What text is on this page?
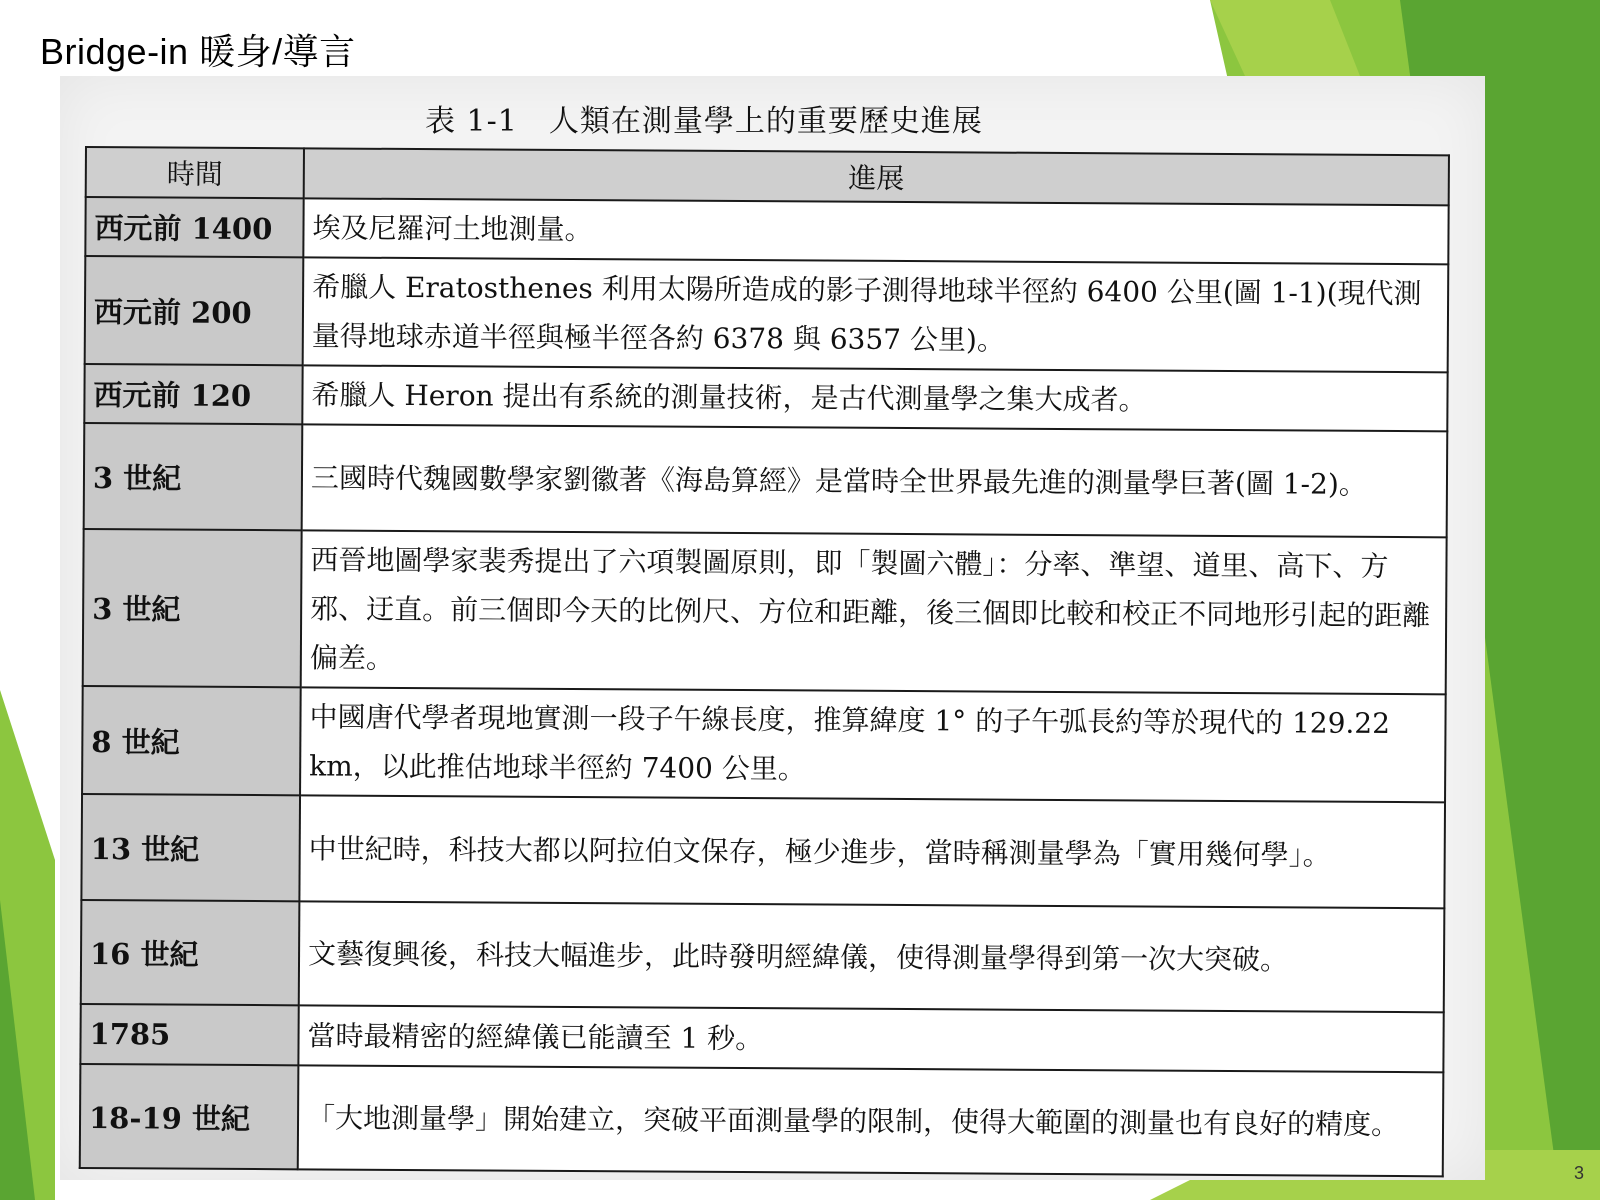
Bridge-in 暖身/導言
表 1-1　人類在測量學上的重要歷史進展
時間	進展
西元前 1400	埃及尼羅河土地測量。
西元前 200	希臘人 Eratosthenes 利用太陽所造成的影子測得地球半徑約 6400 公里(圖 1-1)(現代測量得地球赤道半徑與極半徑各約 6378 與 6357 公里)。
西元前 120	希臘人 Heron 提出有系統的測量技術，是古代測量學之集大成者。
3 世紀	三國時代魏國數學家劉徽著《海島算經》是當時全世界最先進的測量學巨著(圖 1-2)。
3 世紀	西晉地圖學家裴秀提出了六項製圖原則，即「製圖六體」：分率、準望、道里、高下、方邪、迂直。前三個即今天的比例尺、方位和距離，後三個即比較和校正不同地形引起的距離偏差。
8 世紀	中國唐代學者現地實測一段子午線長度，推算緯度 1° 的子午弧長約等於現代的 129.22 km，以此推估地球半徑約 7400 公里。
13 世紀	中世紀時，科技大都以阿拉伯文保存，極少進步，當時稱測量學為「實用幾何學」。
16 世紀	文藝復興後，科技大幅進步，此時發明經緯儀，使得測量學得到第一次大突破。
1785	當時最精密的經緯儀已能讀至 1 秒。
18-19 世紀	「大地測量學」開始建立，突破平面測量學的限制，使得大範圍的測量也有良好的精度。
3
